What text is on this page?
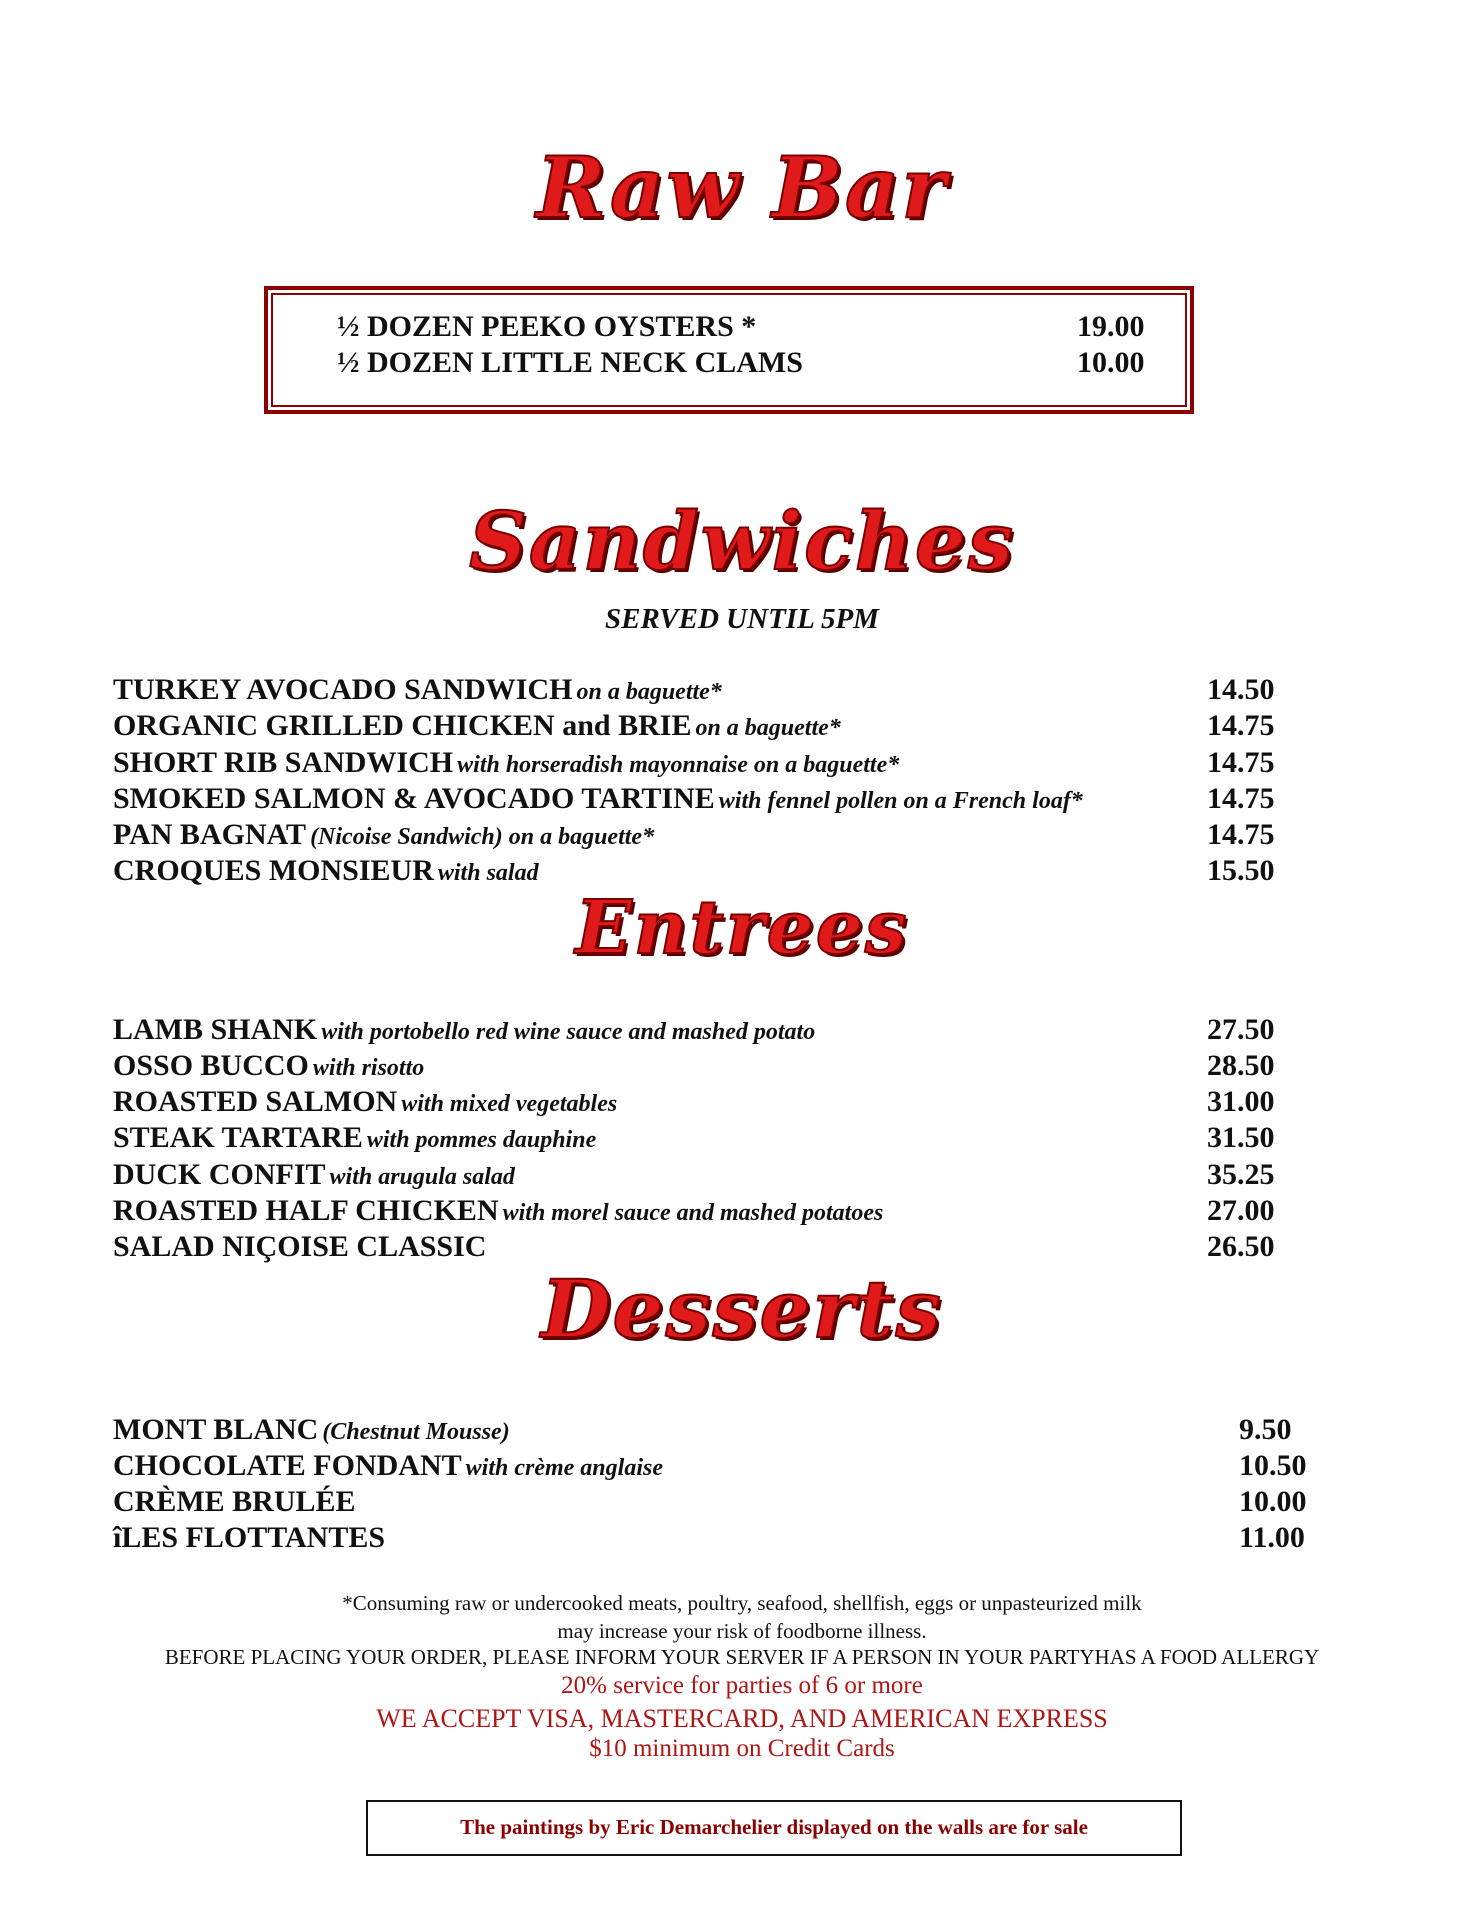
Raw Bar
½ DOZEN PEEKO OYSTERS *	19.00
½ DOZEN LITTLE NECK CLAMS	10.00
Sandwiches
SERVED UNTIL 5PM
TURKEY AVOCADO SANDWICH on a baguette*	14.50
ORGANIC GRILLED CHICKEN and BRIE on a baguette*	14.75
SHORT RIB SANDWICH with horseradish mayonnaise on a baguette*	14.75
SMOKED SALMON & AVOCADO TARTINE with fennel pollen on a French loaf*	14.75
PAN BAGNAT (Nicoise Sandwich) on a baguette*	14.75
CROQUES MONSIEUR with salad	15.50
Entrees
LAMB SHANK with portobello red wine sauce and mashed potato	27.50
OSSO BUCCO with risotto	28.50
ROASTED SALMON with mixed vegetables	31.00
STEAK TARTARE with pommes dauphine	31.50
DUCK CONFIT with arugula salad	35.25
ROASTED HALF CHICKEN with morel sauce and mashed potatoes	27.00
SALAD NIÇOISE CLASSIC	26.50
Desserts
MONT BLANC (Chestnut Mousse)	9.50
CHOCOLATE FONDANT with crème anglaise	10.50
CRÈME BRULÉE	10.00
îLES FLOTTANTES	11.00
*Consuming raw or undercooked meats, poultry, seafood, shellfish, eggs or unpasteurized milk
may increase your risk of foodborne illness.
BEFORE PLACING YOUR ORDER, PLEASE INFORM YOUR SERVER IF A PERSON IN YOUR PARTYHAS A FOOD ALLERGY
20% service for parties of 6 or more
WE ACCEPT VISA, MASTERCARD, AND AMERICAN EXPRESS
$10 minimum on Credit Cards
The paintings by Eric Demarchelier displayed on the walls are for sale
